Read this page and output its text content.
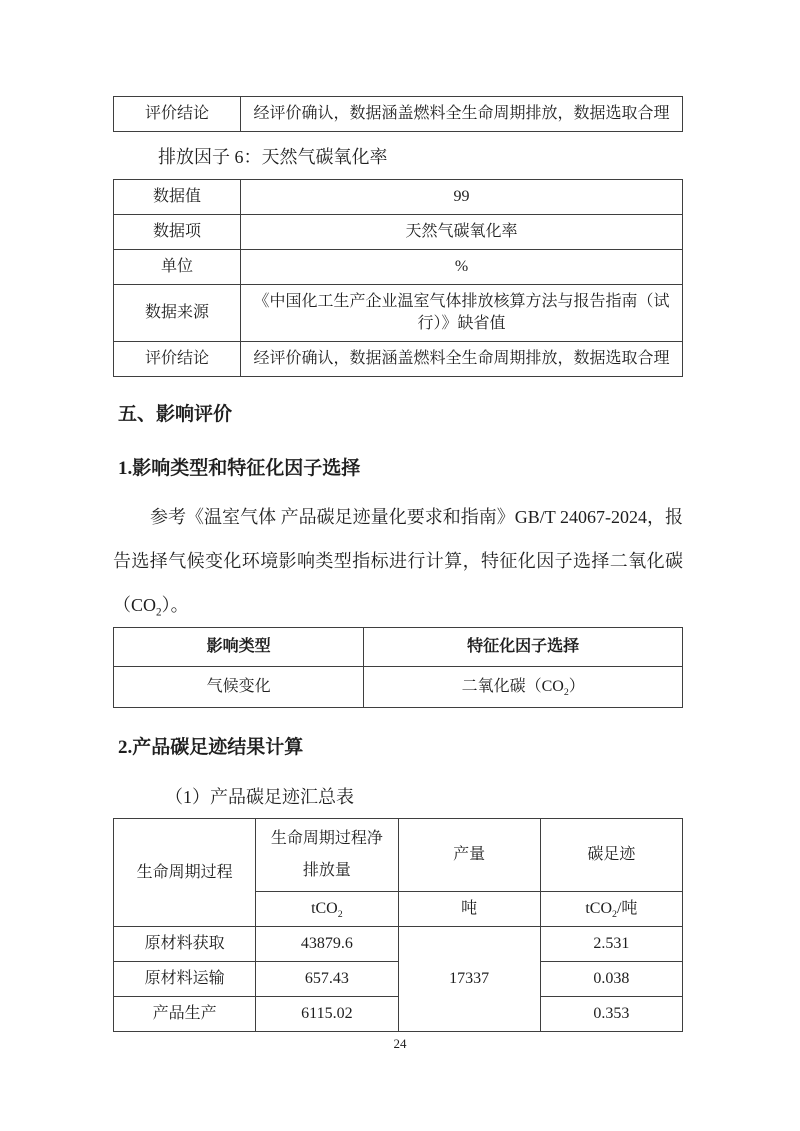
评价结论	经评价确认，数据涵盖燃料全生命周期排放，数据选取合理

排放因子 6：天然气碳氧化率

数据值	99
数据项	天然气碳氧化率
单位	%
数据来源	《中国化工生产企业温室气体排放核算方法与报告指南（试行）》缺省值
评价结论	经评价确认，数据涵盖燃料全生命周期排放，数据选取合理
五、影响评价
1.影响类型和特征化因子选择

参考《温室气体 产品碳足迹量化要求和指南》GB/T 24067-2024，报告选择气候变化环境影响类型指标进行计算，特征化因子选择二氧化碳$(CO_2)$。

影响类型	特征化因子选择
气候变化	二氧化碳$(CO_2)$
2.产品碳足迹结果计算

（1）产品碳足迹汇总表

生命周期过程	生命周期过程净排放量	产量	碳足迹
	tCO$_2$	吨	tCO$_2$/吨
原材料获取	43879.6	17337	2.531
原材料运输	657.43		0.038
产品生产	6115.02		0.353
24
